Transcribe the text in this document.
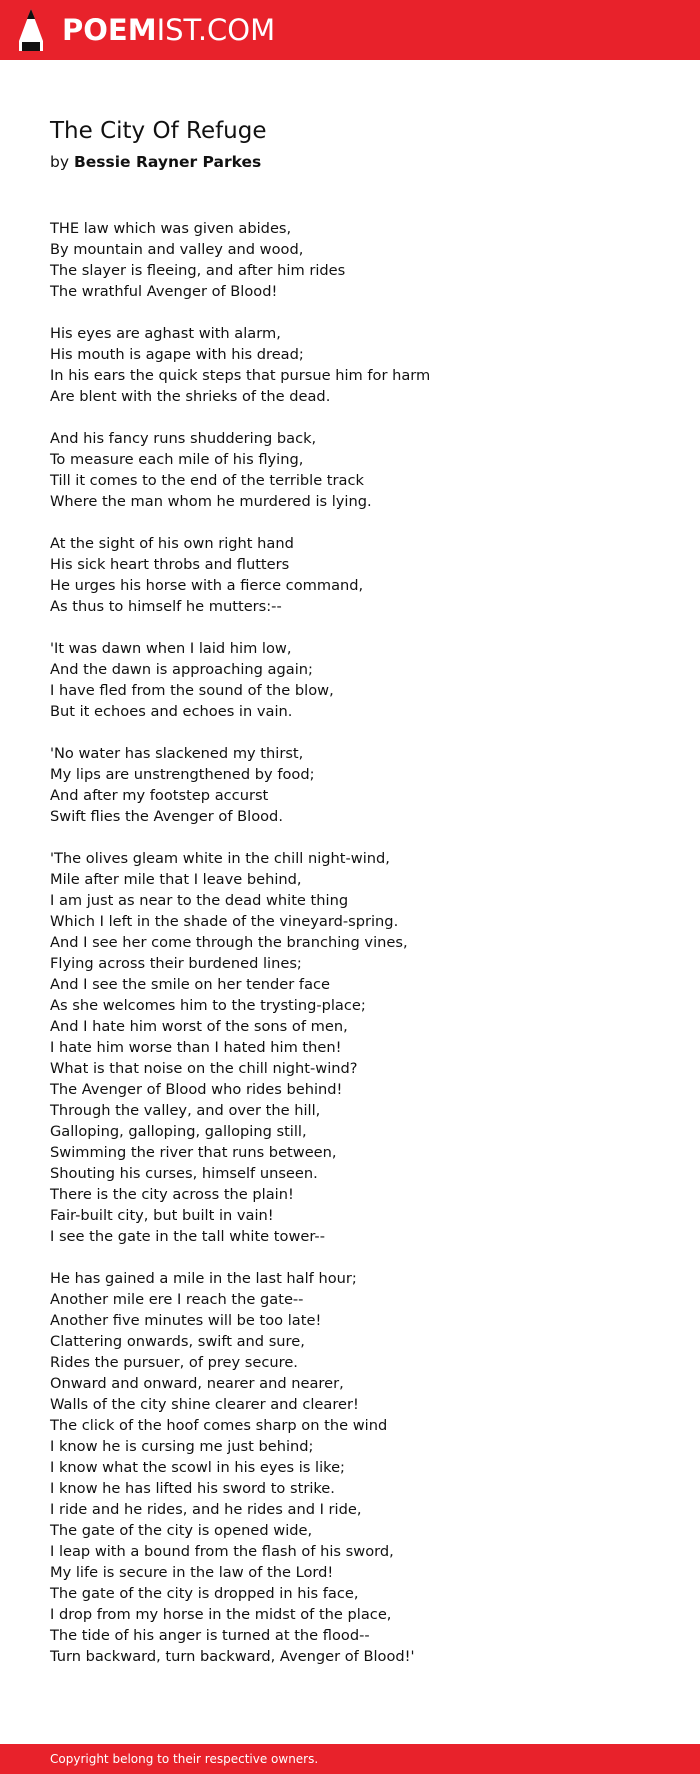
POEMIST.COM
The City Of Refuge
by Bessie Rayner Parkes
THE law which was given abides,
By mountain and valley and wood,
The slayer is fleeing, and after him rides
The wrathful Avenger of Blood!
His eyes are aghast with alarm,
His mouth is agape with his dread;
In his ears the quick steps that pursue him for harm
Are blent with the shrieks of the dead.
And his fancy runs shuddering back,
To measure each mile of his flying,
Till it comes to the end of the terrible track
Where the man whom he murdered is lying.
At the sight of his own right hand
His sick heart throbs and flutters
He urges his horse with a fierce command,
As thus to himself he mutters:--
'It was dawn when I laid him low,
And the dawn is approaching again;
I have fled from the sound of the blow,
But it echoes and echoes in vain.
'No water has slackened my thirst,
My lips are unstrengthened by food;
And after my footstep accurst
Swift flies the Avenger of Blood.
'The olives gleam white in the chill night-wind,
Mile after mile that I leave behind,
I am just as near to the dead white thing
Which I left in the shade of the vineyard-spring.
And I see her come through the branching vines,
Flying across their burdened lines;
And I see the smile on her tender face
As she welcomes him to the trysting-place;
And I hate him worst of the sons of men,
I hate him worse than I hated him then!
What is that noise on the chill night-wind?
The Avenger of Blood who rides behind!
Through the valley, and over the hill,
Galloping, galloping, galloping still,
Swimming the river that runs between,
Shouting his curses, himself unseen.
There is the city across the plain!
Fair-built city, but built in vain!
I see the gate in the tall white tower--
He has gained a mile in the last half hour;
Another mile ere I reach the gate--
Another five minutes will be too late!
Clattering onwards, swift and sure,
Rides the pursuer, of prey secure.
Onward and onward, nearer and nearer,
Walls of the city shine clearer and clearer!
The click of the hoof comes sharp on the wind
I know he is cursing me just behind;
I know what the scowl in his eyes is like;
I know he has lifted his sword to strike.
I ride and he rides, and he rides and I ride,
The gate of the city is opened wide,
I leap with a bound from the flash of his sword,
My life is secure in the law of the Lord!
The gate of the city is dropped in his face,
I drop from my horse in the midst of the place,
The tide of his anger is turned at the flood--
Turn backward, turn backward, Avenger of Blood!'
Copyright belong to their respective owners.
